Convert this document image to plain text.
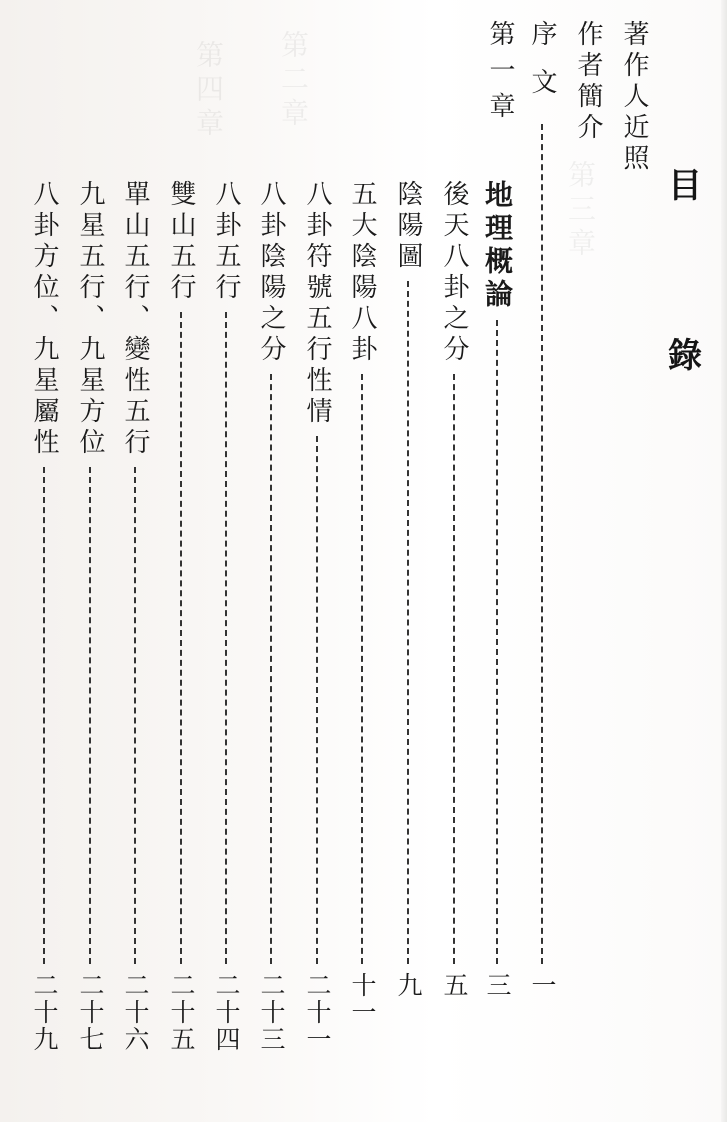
第四章 第二章
第三章 目
錄
著作人近照
作者簡介
序文
一
第一章
地理概論
三
後天八卦之分
五
陰陽圖
九
五大陰陽八卦
十一
八卦符號五行性情
二十一
八卦陰陽之分
二十三
八卦五行
二十四
雙山五行
二十五
單山五行、變性五行
二十六
九星五行、九星方位
二十七
八卦方位、九星屬性
二十九
